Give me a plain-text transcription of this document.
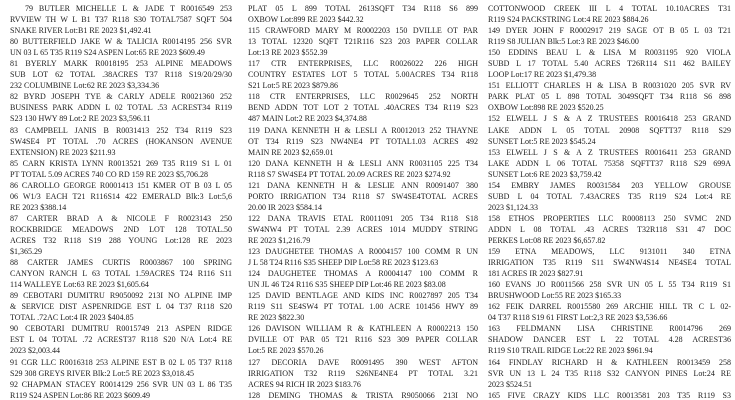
79 BUTLER MICHELLE L & JADE T R0016549 253
RVVIEW TH W L B1 T37 R118 S30 TOTAL7587 SQFT 504
SNAKE RIVER Lot:B1 RE 2023 $1,492.41

80 BUTTERFIELD JAKE W & TALICIA R0014195 256 SVR
UN 03 L 65 T35 R119 S24 ASPEN Lot:65 RE 2023 $609.49

81 BYERLY MARK R0018195 253 ALPINE MEADOWS
SUB LOT 62 TOTAL .38ACRES T37 R118 S19/20/29/30
232 COLUMBINE Lot:62 RE 2023 $3,334.36

82 BYRD JOSEPH TYE & CARLY ADELE R0021360 252
BUSINESS PARK ADDN L 02 TOTAL .53 ACREST34 R119
S23 130 HWY 89 Lot:2 RE 2023 $3,596.11

83 CAMPBELL JANIS B R0031413 252 T34 R119 S23
SW4SE4 PT TOTAL .70 ACRES (HOKANSON AVENUE
EXTENSION) RE 2023 $211.93

85 CARN KRISTA LYNN R0013521 269 T35 R119 S1 L 01
PT TOTAL 5.09 ACRES 740 CO RD 159 RE 2023 $5,706.28

86 CAROLLO GEORGE R0001413 151 KMER OT B 03 L 05
06 W1/3 EACH T21 R116S14 422 EMERALD Blk:3 Lot:5,6
RE 2023 $388.14

87 CARTER BRAD A & NICOLE F R0023143 250
ROCKBRIDGE MEADOWS 2ND LOT 128 TOTAL.50
ACRES T32 R118 S19 288 YOUNG Lot:128 RE 2023
$1,365.29

88 CARTER JAMES CURTIS R0003867 100 SPRING
CANYON RANCH L 63 TOTAL 1.59ACRES T24 R116 S11
114 WALLEYE Lot:63 RE 2023 $1,605.64

89 CEBOTARI DUMITRU R9050092 213I NO ALPINE IMP
& SERVICE DIST ASPENRIDGE EST L 04 T37 R118 S20
TOTAL .72AC Lot:4 IR 2023 $404.85

90 CEBOTARI DUMITRU R0015749 213 ASPEN RIDGE
EST L 04 TOTAL .72 ACREST37 R118 S20 N/A Lot:4 RE
2023 $2,003.44

91 CGR LLC R0016318 253 ALPINE EST B 02 L 05 T37 R118
S29 308 GREYS RIVER Blk:2 Lot:5 RE 2023 $3,018.45

92 CHAPMAN STACEY R0014129 256 SVR UN 03 L 86 T35
R119 S24 ASPEN Lot:86 RE 2023 $609.49

PLAT 05 L 899 TOTAL 2613SQFT T34 R118 S6 899
OXBOW Lot:899 RE 2023 $442.32

115 CRAWFORD MARY M R0002203 150 DVILLE OT PAR
13 TOTAL 12320 SQFT T21R116 S23 203 PAPER COLLAR
Lot:13 RE 2023 $552.39

117 CTR ENTERPRISES, LLC R0026022 226 HIGH
COUNTRY ESTATES LOT 5 TOTAL 5.00ACRES T34 R118
S21 Lot:5 RE 2023 $879.86

118 CTR ENTERPRISES, LLC R0029645 252 NORTH
BEND ADDN TOT LOT 2 TOTAL .40ACRES T34 R119 S23
487 MAIN Lot:2 RE 2023 $4,374.88

119 DANA KENNETH H & LESLI A R0012013 252 THAYNE
OT T34 R119 S23 NW4NE4 PT TOTAL1.03 ACRES 492
MAIN RE 2023 $2,659.01

120 DANA KENNETH H & LESLI ANN R0031105 225 T34
R118 S7 SW4SE4 PT TOTAL 20.09 ACRES RE 2023 $274.92

121 DANA KENNETH H & LESLIE ANN R0091407 380
PORTO IRRIGATION T34 R118 S7 SW4SE4TOTAL ACRES
20.00 IR 2023 $584.14

122 DANA TRAVIS ETAL R0011091 205 T34 R118 S18
SW4NW4 PT TOTAL 2.39 ACRES 1014 MUDDY STRING
RE 2023 $1,216.79

123 DAUGHETEE THOMAS A R0004157 100 COMM R UN
J L 58 T24 R116 S35 SHEEP DIP Lot:58 RE 2023 $123.63

124 DAUGHETEE THOMAS A R0004147 100 COMM R
UN JL 46 T24 R116 S35 SHEEP DIP Lot:46 RE 2023 $83.08

125 DAVID BENTLAGE AND KIDS INC R0027897 205 T34
R119 S11 SE4SW4 PT TOTAL 1.00 ACRE 101456 HWY 89
RE 2023 $822.30

126 DAVISON WILLIAM R & KATHLEEN A R0002213 150
DVILLE OT PAR 05 T21 R116 S23 309 PAPER COLLAR
Lot:5 RE 2023 $570.26

127 DECORIA DAVE R0091495 390 WEST AFTON
IRRIGATION T32 R119 S26NE4NE4 PT TOTAL 3.21
ACRES 94 RICH IR 2023 $183.76

128 DEMING THOMAS & TRISTA R9050066 213I NO

COTTONWOOD CREEK III L 4 TOTAL 10.10ACRES T31
R119 S24 PACKSTRING Lot:4 RE 2023 $884.26

149 DYER JOHN F R0002917 219 SAGE OT B 05 L 03 T21
R119 S8 JULIAN Blk:5 Lot:3 RE 2023 $46.00

150 EDDINS BEAU L & LISA M R0031195 920 VIOLA
SUBD L 17 TOTAL 5.40 ACRES T26R114 S11 462 BAILEY
LOOP Lot:17 RE 2023 $1,479.38

151 ELLIOTT CHARLES H & LISA B R0031020 205 SVR RV
PARK PLAT 05 L 898 TOTAL 3049SQFT T34 R118 S6 898
OXBOW Lot:898 RE 2023 $520.25

152 ELWELL J S & A Z TRUSTEES R0016418 253 GRAND
LAKE ADDN L 05 TOTAL 20908 SQFTT37 R118 S29
SUNSET Lot:5 RE 2023 $545.24

153 ELWELL J S & A Z TRUSTEES R0016411 253 GRAND
LAKE ADDN L 06 TOTAL 75358 SQFTT37 R118 S29 699A
SUNSET Lot:6 RE 2023 $3,759.42

154 EMBRY JAMES R0031584 203 YELLOW GROUSE
SUBD L 04 TOTAL 7.43ACRES T35 R119 S24 Lot:4 RE
2023 $1,124.33

158 ETHOS PROPERTIES LLC R0008113 250 SVMC 2ND
ADDN L 08 TOTAL .43 ACRES T32R118 S31 47 DOC
PERKES Lot:08 RE 2023 $6,657.82

159 ETNA MEADOWS, LLC 9131011 340 ETNA
IRRIGATION T35 R119 S11 SW4NW4S14 NE4SE4 TOTAL
181 ACRES IR 2023 $827.91

160 EVANS JO R0011566 258 SVR UN 05 L 55 T34 R119 S1
BRUSHWOOD Lot:55 RE 2023 $165.33

162 FEIK DARREL R0015580 269 ARCHIE HILL TR C L 02-
04 T37 R118 S19 61 FIRST Lot:2,3 RE 2023 $3,536.66

163 FELDMANN LISA CHRISTINE R0014796 269
SHADOW DANCER EST L 22 TOTAL 4.28 ACREST36
R119 S10 TRAIL RIDGE Lot:22 RE 2023 $961.94

164 FINDLAY RICHARD H & KATHLEEN R0013459 258
SVR UN 13 L 24 T35 R118 S32 CANYON PINES Lot:24 RE
2023 $524.51

165 FIVE CRAZY KIDS LLC R0013581 203 T35 R119 S3
